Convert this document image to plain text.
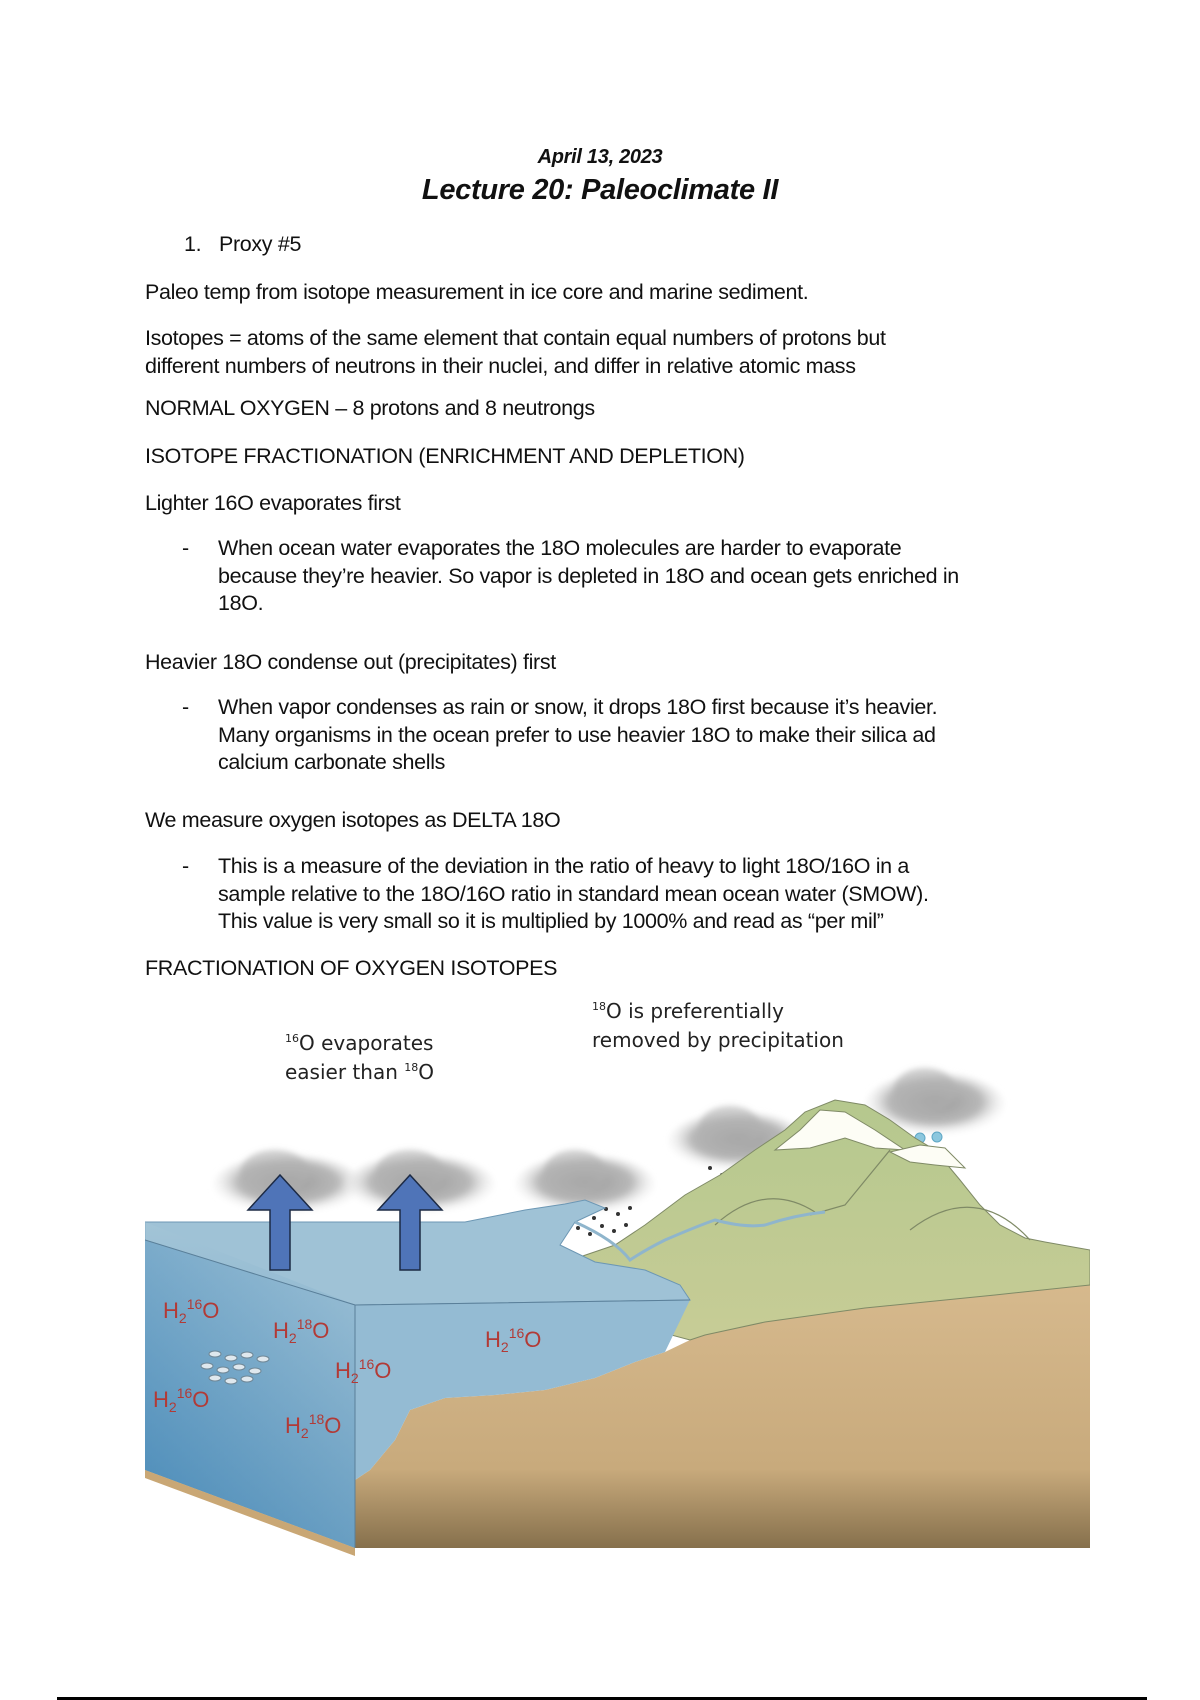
April 13, 2023
Lecture 20: Paleoclimate II
1. Proxy #5
Paleo temp from isotope measurement in ice core and marine sediment.
Isotopes = atoms of the same element that contain equal numbers of protons but
different numbers of neutrons in their nuclei, and differ in relative atomic mass
NORMAL OXYGEN – 8 protons and 8 neutrongs
ISOTOPE FRACTIONATION (ENRICHMENT AND DEPLETION)
Lighter 16O evaporates first
- When ocean water evaporates the 18O molecules are harder to evaporate
because they’re heavier. So vapor is depleted in 18O and ocean gets enriched in
18O.
Heavier 18O condense out (precipitates) first
- When vapor condenses as rain or snow, it drops 18O first because it’s heavier.
Many organisms in the ocean prefer to use heavier 18O to make their silica ad
calcium carbonate shells
We measure oxygen isotopes as DELTA 18O
- This is a measure of the deviation in the ratio of heavy to light 18O/16O in a
sample relative to the 18O/16O ratio in standard mean ocean water (SMOW).
This value is very small so it is multiplied by 1000% and read as “per mil”
FRACTIONATION OF OXYGEN ISOTOPES
$^{16}$O evaporates
easier than $^{18}$O
$^{18}$O is preferentially
removed by precipitation
$H_2^{16}O$
$H_2^{18}O$
$H_2^{16}O$
$H_2^{16}O$
$H_2^{18}O$
$H_2^{16}O$
